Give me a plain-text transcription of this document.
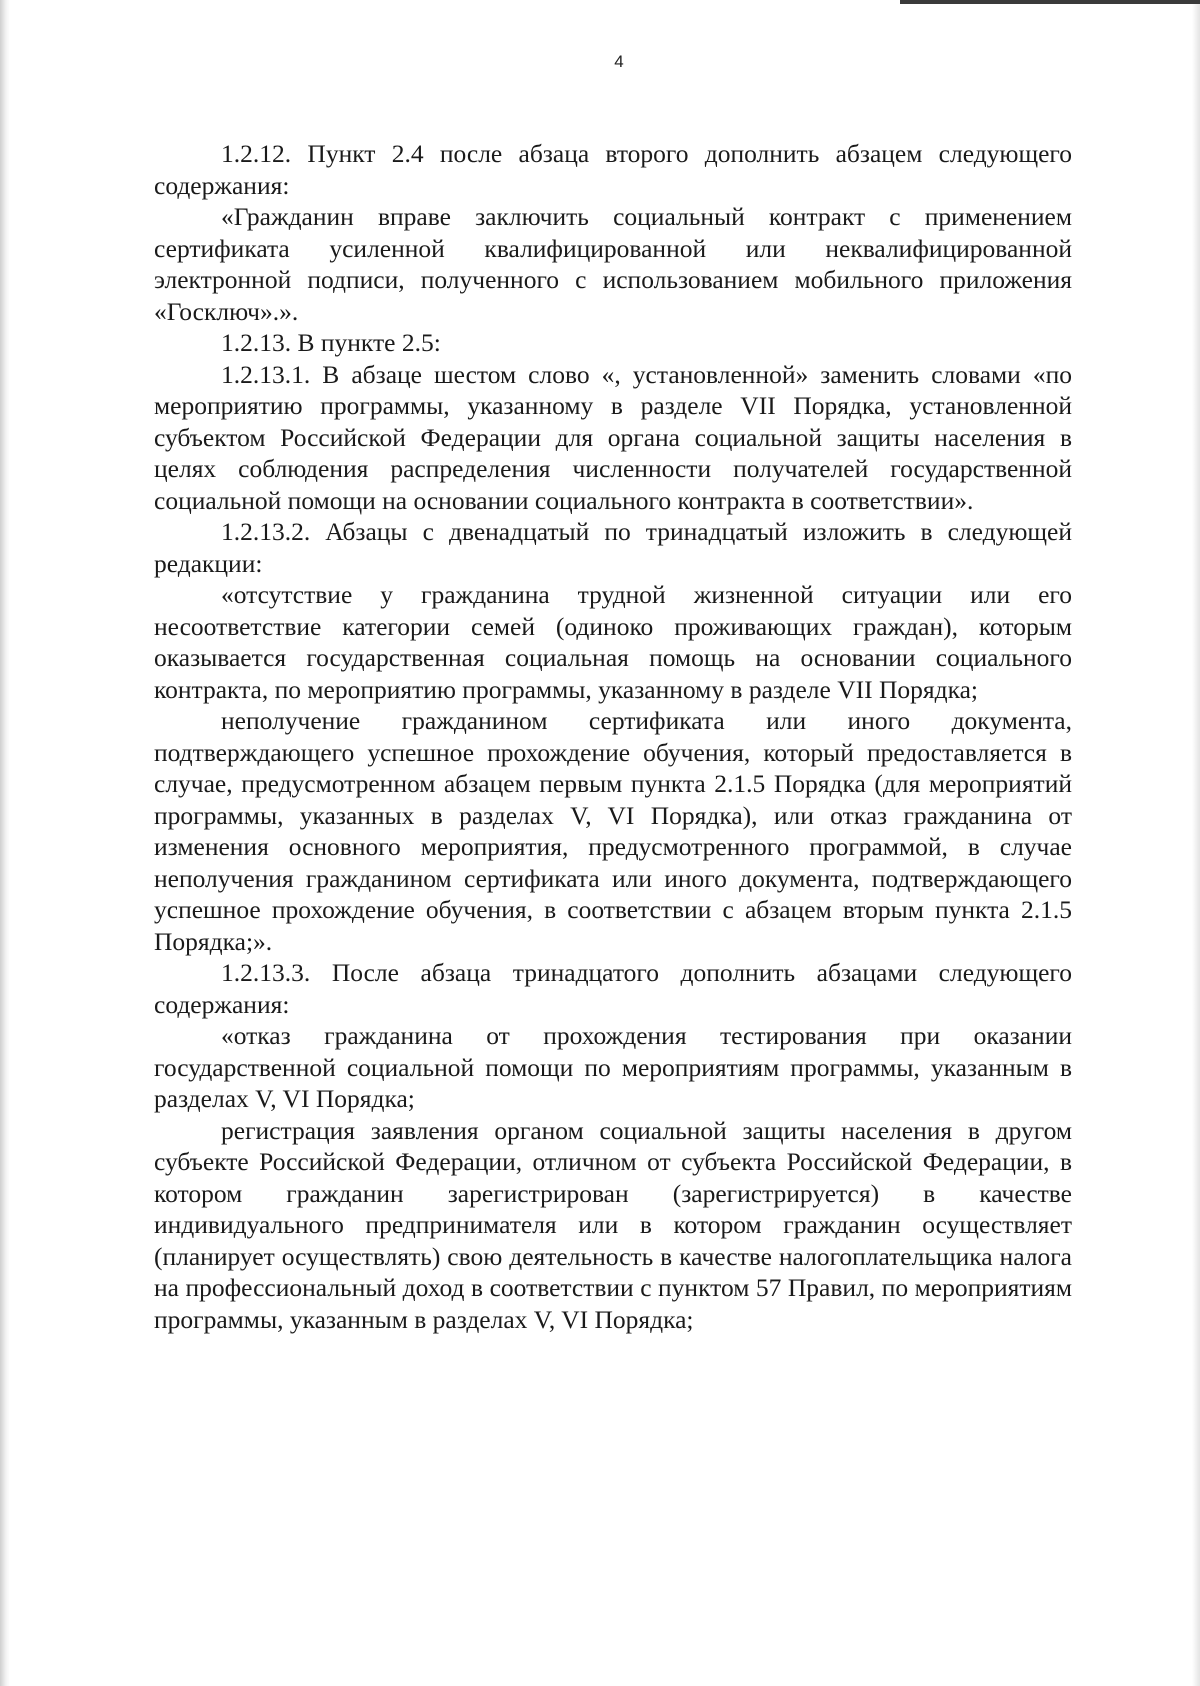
4

1.2.12. Пункт 2.4 после абзаца второго дополнить абзацем следующего содержания:

«Гражданин вправе заключить социальный контракт с применением сертификата усиленной квалифицированной или неквалифицированной электронной подписи, полученного с использованием мобильного приложения «Госключ».».

1.2.13. В пункте 2.5:

1.2.13.1. В абзаце шестом слово «, установленной» заменить словами «по мероприятию программы, указанному в разделе VII Порядка, установленной субъектом Российской Федерации для органа социальной защиты населения в целях соблюдения распределения численности получателей государственной социальной помощи на основании социального контракта в соответствии».

1.2.13.2. Абзацы с двенадцатый по тринадцатый изложить в следующей редакции:

«отсутствие у гражданина трудной жизненной ситуации или его несоответствие категории семей (одиноко проживающих граждан), которым оказывается государственная социальная помощь на основании социального контракта, по мероприятию программы, указанному в разделе VII Порядка;

неполучение гражданином сертификата или иного документа, подтверждающего успешное прохождение обучения, который предоставляется в случае, предусмотренном абзацем первым пункта 2.1.5 Порядка (для мероприятий программы, указанных в разделах V, VI Порядка), или отказ гражданина от изменения основного мероприятия, предусмотренного программой, в случае неполучения гражданином сертификата или иного документа, подтверждающего успешное прохождение обучения, в соответствии с абзацем вторым пункта 2.1.5 Порядка;».

1.2.13.3. После абзаца тринадцатого дополнить абзацами следующего содержания:

«отказ гражданина от прохождения тестирования при оказании государственной социальной помощи по мероприятиям программы, указанным в разделах V, VI Порядка;

регистрация заявления органом социальной защиты населения в другом субъекте Российской Федерации, отличном от субъекта Российской Федерации, в котором гражданин зарегистрирован (зарегистрируется) в качестве индивидуального предпринимателя или в котором гражданин осуществляет (планирует осуществлять) свою деятельность в качестве налогоплательщика налога на профессиональный доход в соответствии с пунктом 57 Правил, по мероприятиям программы, указанным в разделах V, VI Порядка;
